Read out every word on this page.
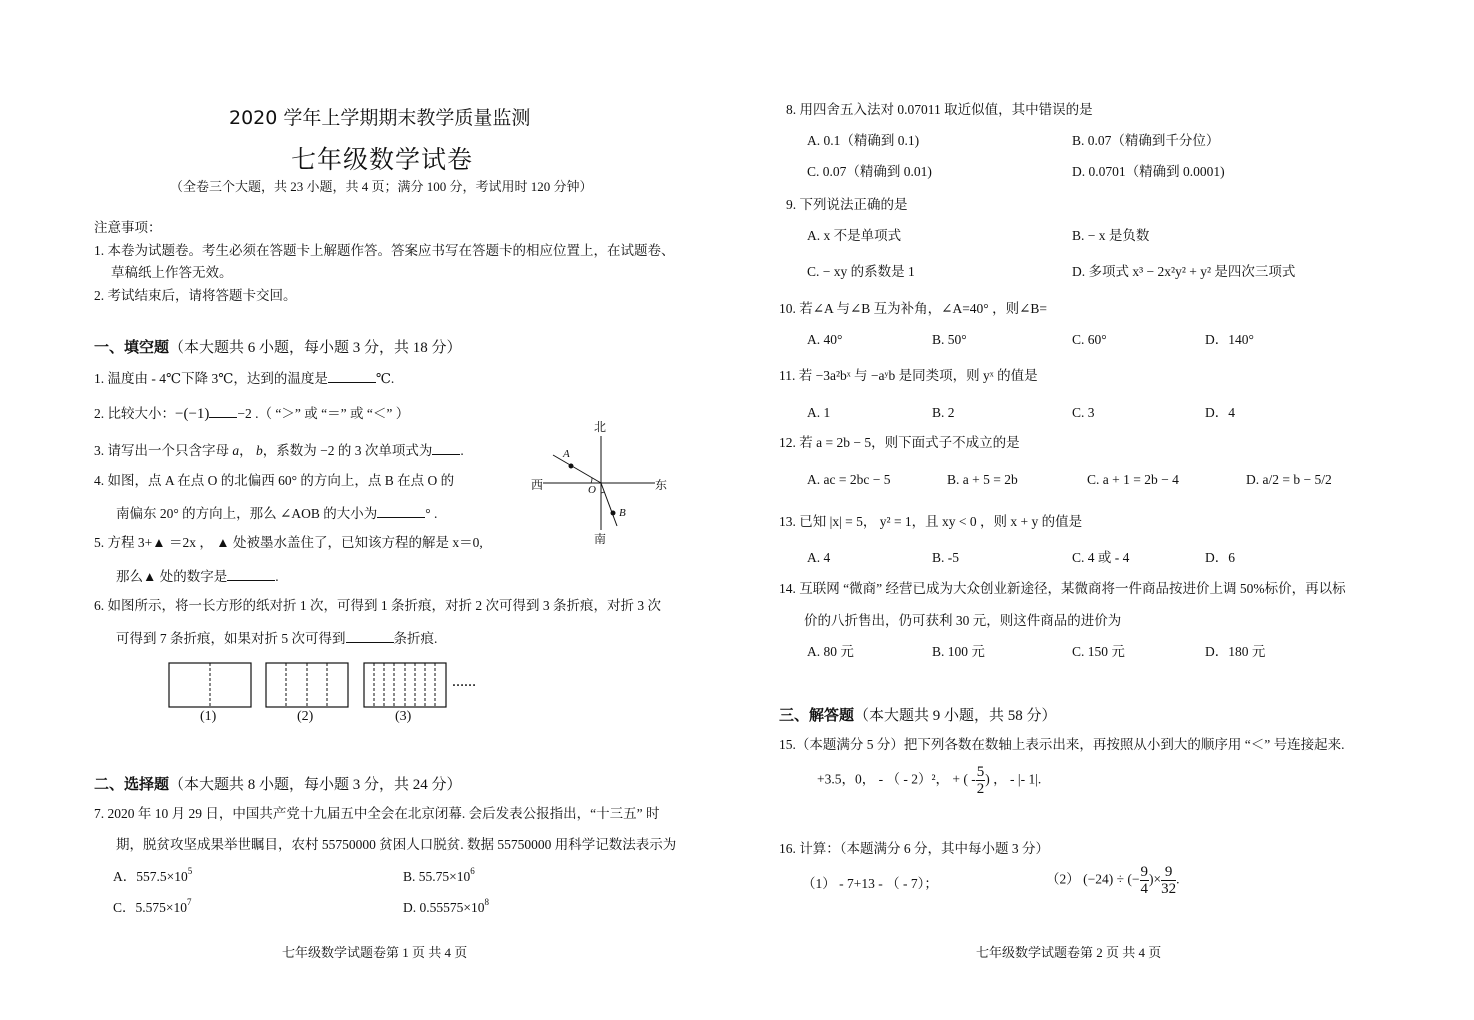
2020 学年上学期期末教学质量监测
七年级数学试卷
（全卷三个大题，共 23 小题，共 4 页；满分 100 分，考试用时 120 分钟）
注意事项：
1. 本卷为试题卷。考生必须在答题卡上解题作答。答案应书写在答题卡的相应位置上，在试题卷、
草稿纸上作答无效。
2. 考试结束后，请将答题卡交回。
一、填空题（本大题共 6 小题，每小题 3 分，共 18 分）
1. 温度由 - 4℃下降 3℃，达到的温度是	℃.
2. 比较大小：−(−1) −2 .（ “＞” 或 “＝” 或 “＜” ）
3. 请写出一个只含字母 a， b，系数为 −2 的 3 次单项式为 .
4. 如图，点 A 在点 O 的北偏西 60° 的方向上，点 B 在点 O 的
南偏东 20° 的方向上，那么 ∠AOB 的大小为	° .
北
南
西	东
A
B
O
5. 方程 3+▲ ＝2x ， ▲ 处被墨水盖住了，已知该方程的解是 x＝0,
那么▲ 处的数字是	.
6. 如图所示，将一长方形的纸对折 1 次，可得到 1 条折痕，对折 2 次可得到 3 条折痕，对折 3 次
可得到 7 条折痕，如果对折 5 次可得到	条折痕.
(1)	(2)	(3)
……
二、选择题（本大题共 8 小题，每小题 3 分，共 24 分）
7. 2020 年 10 月 29 日，中国共产党十九届五中全会在北京闭幕. 会后发表公报指出，“十三五” 时
期，脱贫攻坚成果举世瞩目，农村 55750000 贫困人口脱贫. 数据 55750000 用科学记数法表示为
A．$557.5\times 10^5$	B. $55.75\times 10^6$
C．$5.575\times 10^7$	D. $0.55575\times 10^8$
七年级数学试题卷第 1 页 共 4 页
8. 用四舍五入法对 0.07011 取近似值，其中错误的是
A. 0.1（精确到 0.1)	B. 0.07（精确到千分位）
C. 0.07（精确到 0.01)	D. 0.0701（精确到 0.0001)
9. 下列说法正确的是
A. x 不是单项式	B. − x 是负数
C. − xy 的系数是 1	D. 多项式 x³ − 2x²y² + y² 是四次三项式
10. 若∠A 与∠B 互为补角，∠A=40° ，则∠B=
A. 40°	B. 50°	C. 60°	D．140°
11. 若 −3a²bˣ 与 −aʸb 是同类项，则 yˣ 的值是
A. 1	B. 2	C. 3	D．4
12. 若 a = 2b − 5，则下面式子不成立的是
A. ac = 2bc − 5	B. a + 5 = 2b	C. a + 1 = 2b − 4	D. a/2 = b − 5/2
13. 已知 |x| = 5， y² = 1，且 xy < 0 ，则 x + y 的值是
A. 4	B. -5	C. 4 或 - 4	D．6
14. 互联网 “微商” 经营已成为大众创业新途径，某微商将一件商品按进价上调 50%标价，再以标
价的八折售出，仍可获利 30 元，则这件商品的进价为
A. 80 元	B. 100 元	C. 150 元	D．180 元
三、解答题（本大题共 9 小题，共 58 分）
15.（本题满分 5 分）把下列各数在数轴上表示出来，再按照从小到大的顺序用 “＜” 号连接起来.
+3.5，0， - （ - 2）²， + ( - $\frac{5}{2}$ ) ， - |- 1|.
16. 计算：（本题满分 6 分，其中每小题 3 分）
（1） - 7+13 - （ - 7）；	（2） (−24) ÷ (− $\frac{9}{4}$ )× $\frac{9}{32}$ .
七年级数学试题卷第 2 页 共 4 页
